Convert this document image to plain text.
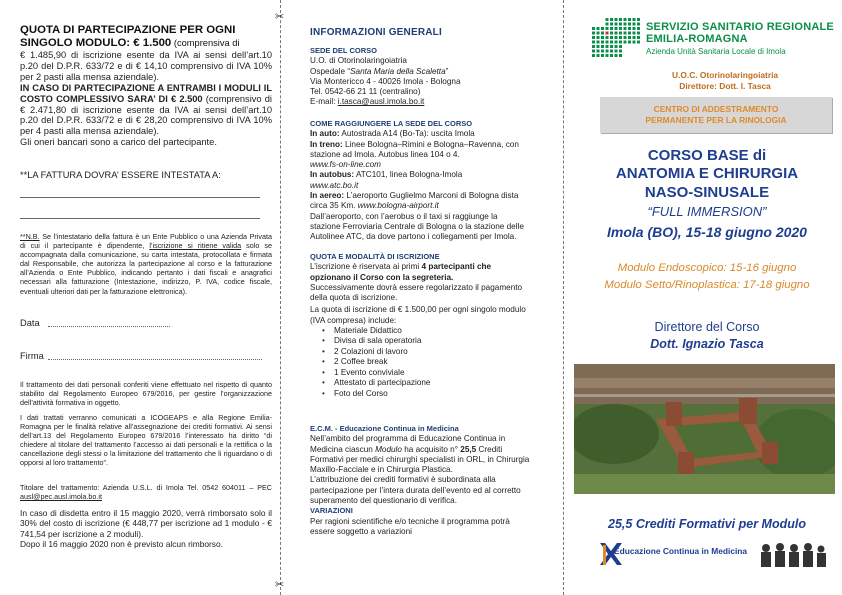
✂
✂
QUOTA DI PARTECIPAZIONE PER OGNI
SINGOLO MODULO: € 1.500 (comprensiva di

€ 1.485,90 di iscrizione esente da IVA ai sensi dell’art.10 p.20 del D.P.R. 633/72 e di € 14,10 comprensivo di IVA 10% per 2 pasti alla mensa aziendale).

IN CASO DI PARTECIPAZIONE A ENTRAMBI I MODULI IL COSTO COMPLESSIVO SARA’ DI € 2.500 (comprensivo di € 2.471,80 di iscrizione esente da IVA ai sensi dell’art.10 p.20 del D.P.R. 633/72 e di € 28,20 comprensivo di IVA 10% per 4 pasti alla mensa aziendale).

Gli oneri bancari sono a carico del partecipante.

**LA FATTURA DOVRA’ ESSERE INTESTATA A:
**N.B. Se l’intestatario della fattura è un Ente Pubblico o una Azienda Privata di cui il partecipante è dipendente, l’iscrizione si ritiene valida solo se accompagnata dalla comunicazione, su carta intestata, protocollata e firmata dal Responsabile, che autorizza la partecipazione al corso e la fatturazione all’Azienda o Ente Pubblico, indicando pertanto i dati fiscali e anagrafici necessari alla fatturazione (Intestazione, indirizzo, P. IVA, codice fiscale, eventuali ulteriori dati per la fatturazione elettronica).
Data
Firma
Il trattamento dei dati personali conferiti viene effettuato nel rispetto di quanto stabilito dal Regolamento Europeo 679/2016, per gestire l’organizzazione dell’attività formativa in oggetto.
I dati trattati verranno comunicati a ICOGEAPS e alla Regione Emilia-Romagna per le finalità relative all’assegnazione dei crediti formativi. Ai sensi dell’art.13 del Regolamento Europeo 679/2016 l’interessato ha diritto “di chiedere al titolare del trattamento l’accesso ai dati personali e la rettifica o la cancellazione degli stessi o la limitazione del trattamento che li riguardano o di opporsi al loro trattamento”.
Titolare del trattamento: Azienda U.S.L. di Imola Tel. 0542 604011 – PEC ausl@pec.ausl.imola.bo.it

In caso di disdetta entro il 15 maggio 2020, verrà rimborsato solo il 30% del costo di iscrizione (€ 448,77 per iscrizione ad 1 modulo - € 741,54 per iscrizione a 2 moduli).

Dopo il 16 maggio 2020 non è previsto alcun rimborso.

INFORMAZIONI GENERALI

SEDE DEL CORSO

U.O. di Otorinolaringoiatria

Ospedale “Santa Maria della Scaletta”

Via Montericco 4 - 40026 Imola - Bologna

Tel. 0542-66 21 11 (centralino)

E-mail: i.tasca@ausl.imola.bo.it

COME RAGGIUNGERE LA SEDE DEL CORSO

In auto: Autostrada A14 (Bo-Ta): uscita Imola

In treno: Linee Bologna–Rimini e Bologna–Ravenna, con stazione ad Imola. Autobus linea 104 o 4.

www.fs-on-line.com

In autobus: ATC101, linea Bologna-Imola

www.atc.bo.it

In aereo: L’aeroporto Guglielmo Marconi di Bologna dista circa 35 Km. www.bologna-airport.it

Dall’aeroporto, con l’aerobus o il taxi si raggiunge la stazione Ferroviaria Centrale di Bologna o la stazione delle Autolinee ATC, da dove partono i collegamenti per Imola.

QUOTA E MODALITÀ DI ISCRIZIONE

L’iscrizione è riservata ai primi 4 partecipanti che opzionano il Corso con la segreteria.

Successivamente dovrà essere regolarizzato il pagamento della quota di iscrizione.

La quota di iscrizione di € 1.500,00 per ogni singolo modulo (IVA compresa) include:

• Materiale Didattico
• Divisa di sala operatoria
• 2 Colazioni di lavoro
• 2 Coffee break
• 1 Evento conviviale
• Attestato di partecipazione
• Foto del Corso

E.C.M. - Educazione Continua in Medicina

Nell’ambito del programma di Educazione Continua in Medicina ciascun Modulo ha acquisito n° 25,5 Crediti Formativi per medici chirurghi specialisti in ORL, in Chirurgia Maxillo-Facciale e in Chirurgia Plastica.

L’attribuzione dei crediti formativi è subordinata alla partecipazione per l’intera durata dell’evento ed al corretto superamento del questionario di verifica.

VARIAZIONI

Per ragioni scientifiche e/o tecniche il programma potrà essere soggetto a variazioni

SERVIZIO SANITARIO REGIONALE
EMILIA-ROMAGNA
Azienda Unità Sanitaria Locale di Imola
U.O.C. Otorinolaringoiatria
Direttore: Dott. I. Tasca
CENTRO DI ADDESTRAMENTO
PERMANENTE PER LA RINOLOGIA
CORSO BASE di
ANATOMIA E CHIRURGIA
NASO-SINUSALE
“FULL IMMERSION”
Imola (BO), 15-18 giugno 2020
Modulo Endoscopico: 15-16 giugno
Modulo Setto/Rinoplastica: 17-18 giugno
Direttore del Corso
Dott. Ignazio Tasca
25,5 Crediti Formativi per Modulo
Educazione Continua in Medicina
